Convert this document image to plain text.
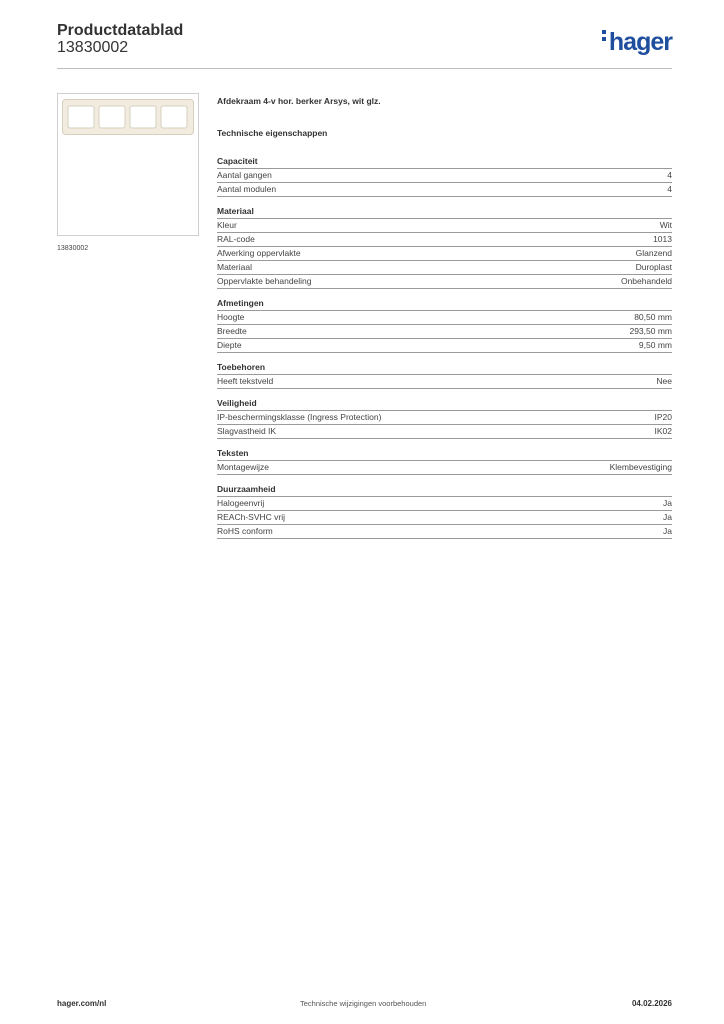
Productdatablad
13830002	hager
13830002
Afdekraam 4-v hor. berker Arsys, wit glz.
Technische eigenschappen
Capaciteit
Aantal gangen	4
Aantal modulen	4
Materiaal
Kleur	Wit
RAL-code	1013
Afwerking oppervlakte	Glanzend
Materiaal	Duroplast
Oppervlakte behandeling	Onbehandeld
Afmetingen
Hoogte	80,50 mm
Breedte	293,50 mm
Diepte	9,50 mm
Toebehoren
Heeft tekstveld	Nee
Veiligheid
IP-beschermingsklasse (Ingress Protection)	IP20
Slagvastheid IK	IK02
Teksten
Montagewijze	Klembevestiging
Duurzaamheid
Halogeenvrij	Ja
REACh-SVHC vrij	Ja
RoHS conform	Ja
hager.com/nl	Technische wijzigingen voorbehouden	04.02.2026
